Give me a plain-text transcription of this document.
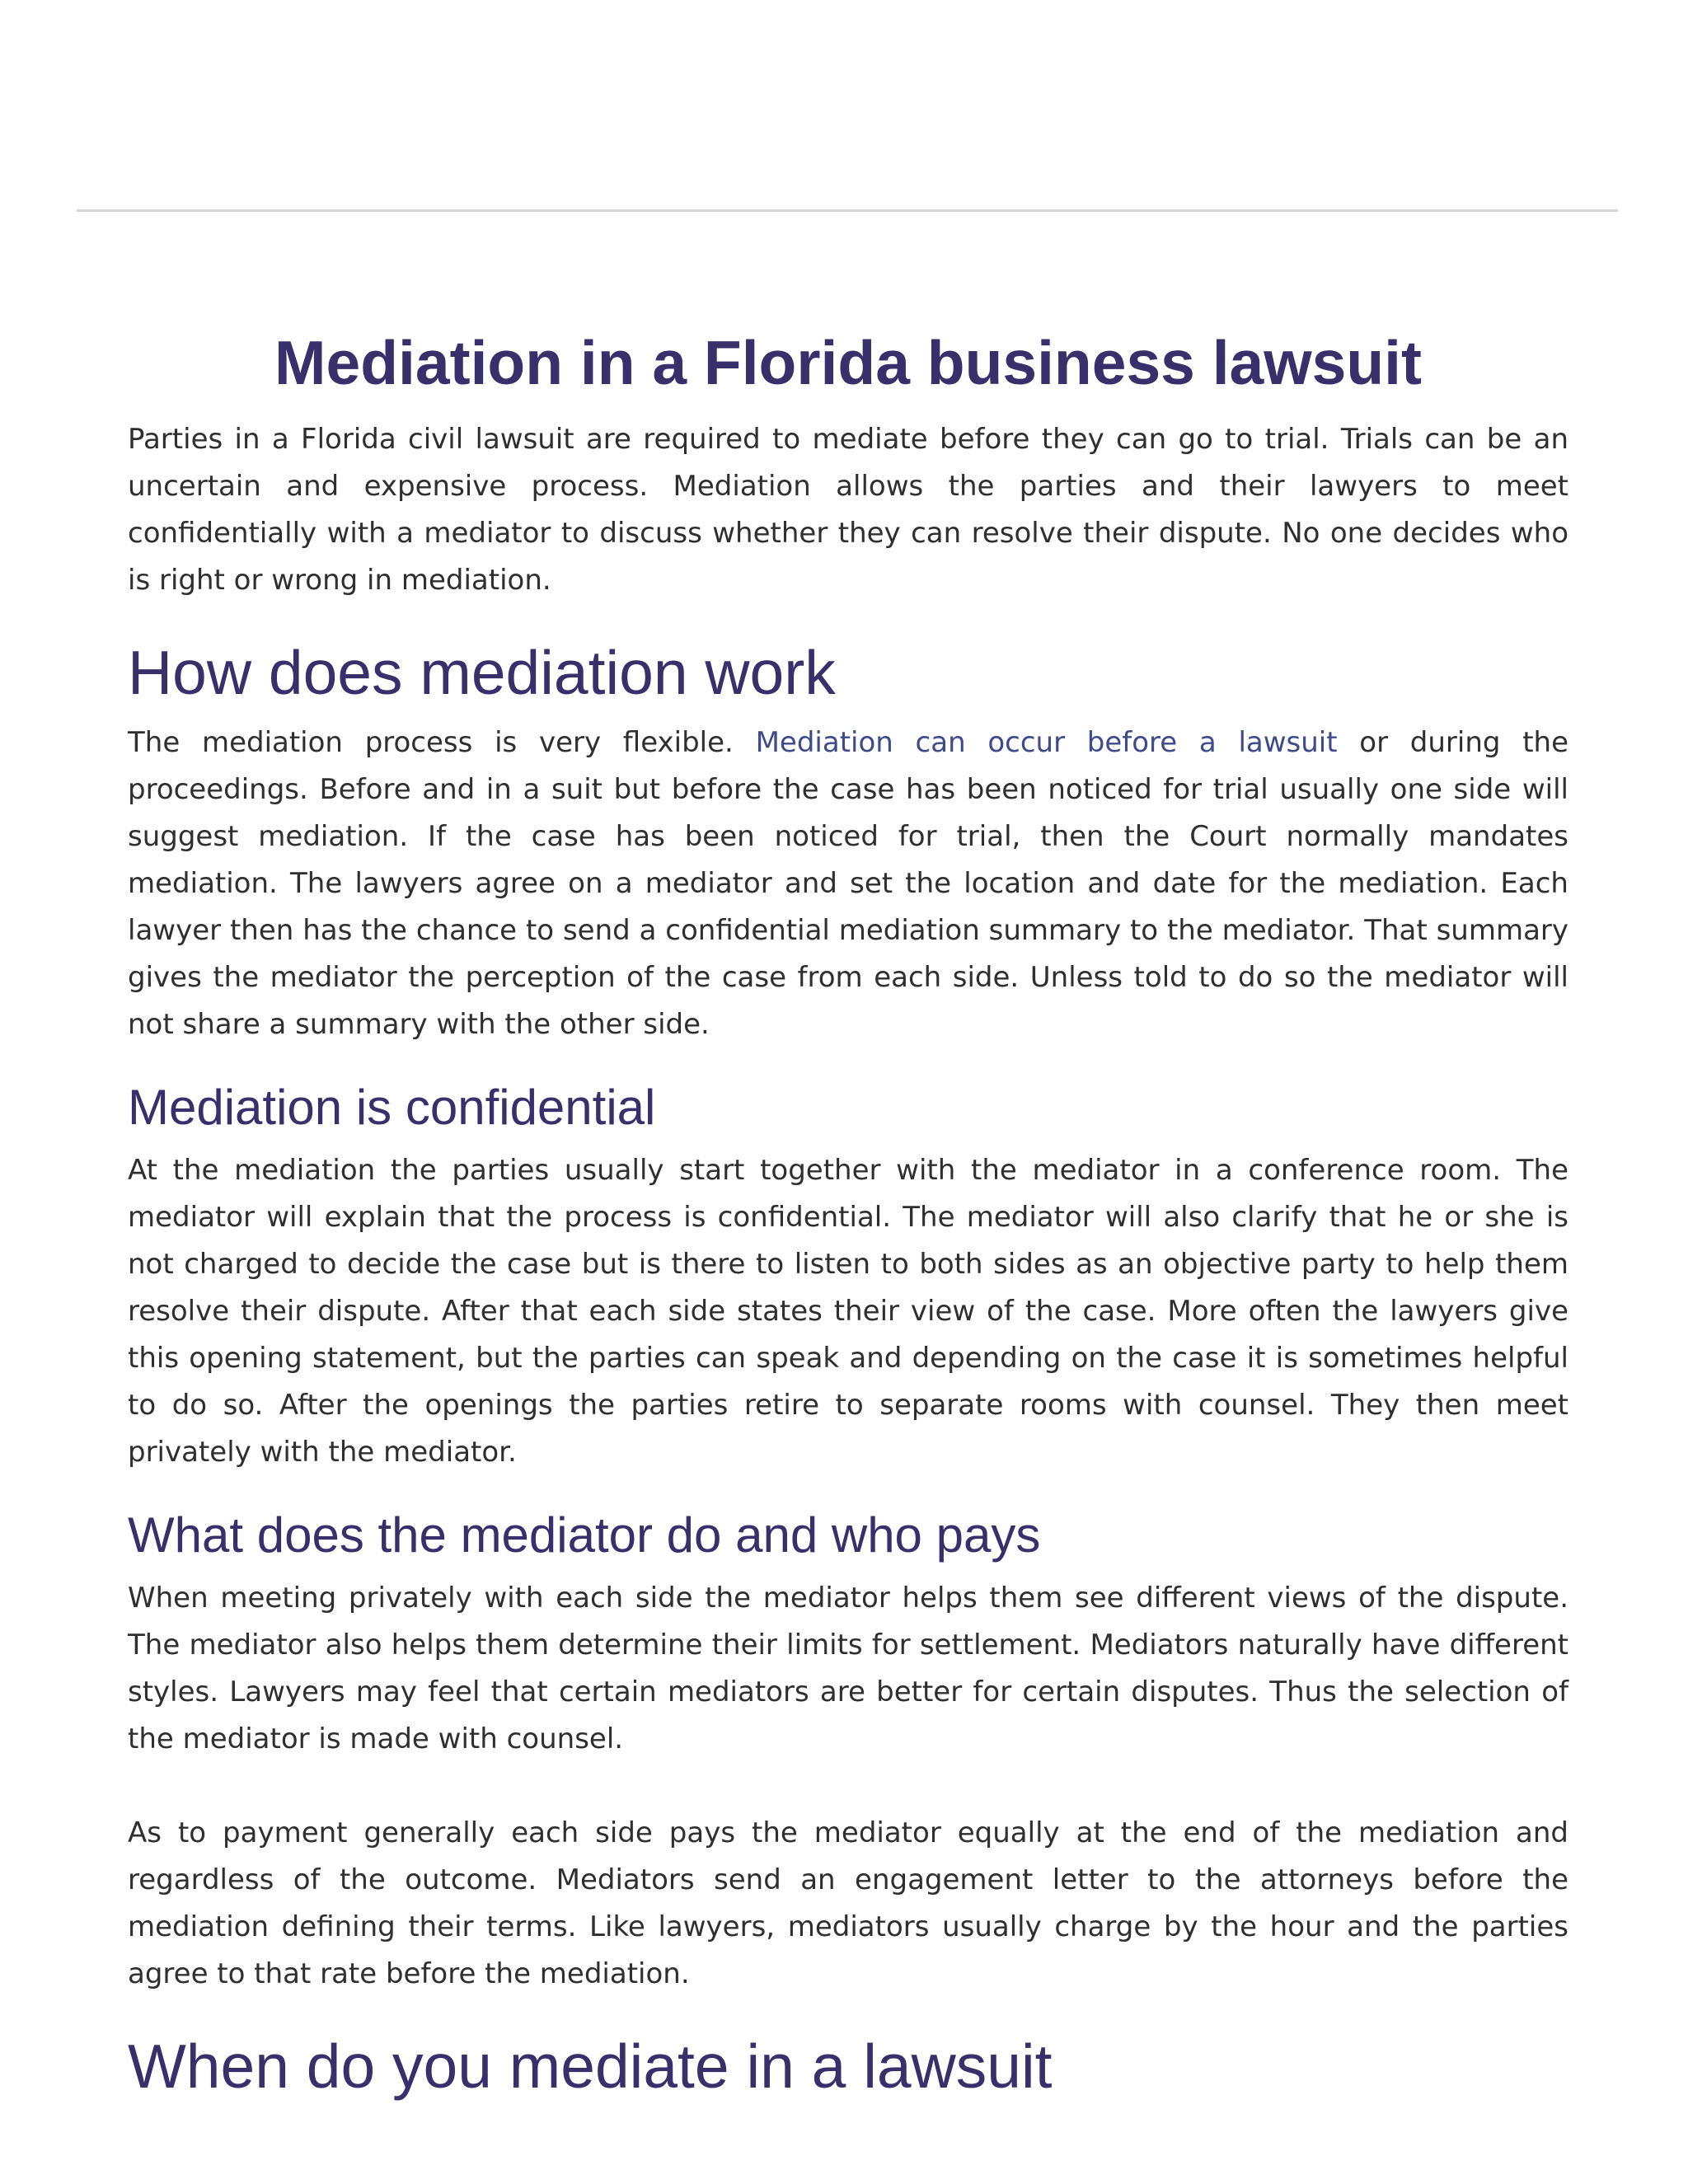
Mediation in a Florida business lawsuit

Parties in a Florida civil lawsuit are required to mediate before they can go to trial. Trials can be an uncertain and expensive process. Mediation allows the parties and their lawyers to meet confidentially with a mediator to discuss whether they can resolve their dispute. No one decides who is right or wrong in mediation.

How does mediation work

The mediation process is very flexible. Mediation can occur before a lawsuit or during the proceedings. Before and in a suit but before the case has been noticed for trial usually one side will suggest mediation. If the case has been noticed for trial, then the Court normally mandates mediation. The lawyers agree on a mediator and set the location and date for the mediation. Each lawyer then has the chance to send a confidential mediation summary to the mediator. That summary gives the mediator the perception of the case from each side. Unless told to do so the mediator will not share a summary with the other side.

Mediation is confidential

At the mediation the parties usually start together with the mediator in a conference room. The mediator will explain that the process is confidential. The mediator will also clarify that he or she is not charged to decide the case but is there to listen to both sides as an objective party to help them resolve their dispute. After that each side states their view of the case. More often the lawyers give this opening statement, but the parties can speak and depending on the case it is sometimes helpful to do so. After the openings the parties retire to separate rooms with counsel. They then meet privately with the mediator.

What does the mediator do and who pays

When meeting privately with each side the mediator helps them see different views of the dispute. The mediator also helps them determine their limits for settlement. Mediators naturally have different styles. Lawyers may feel that certain mediators are better for certain disputes. Thus the selection of the mediator is made with counsel.

As to payment generally each side pays the mediator equally at the end of the mediation and regardless of the outcome. Mediators send an engagement letter to the attorneys before the mediation defining their terms. Like lawyers, mediators usually charge by the hour and the parties agree to that rate before the mediation.

When do you mediate in a lawsuit
